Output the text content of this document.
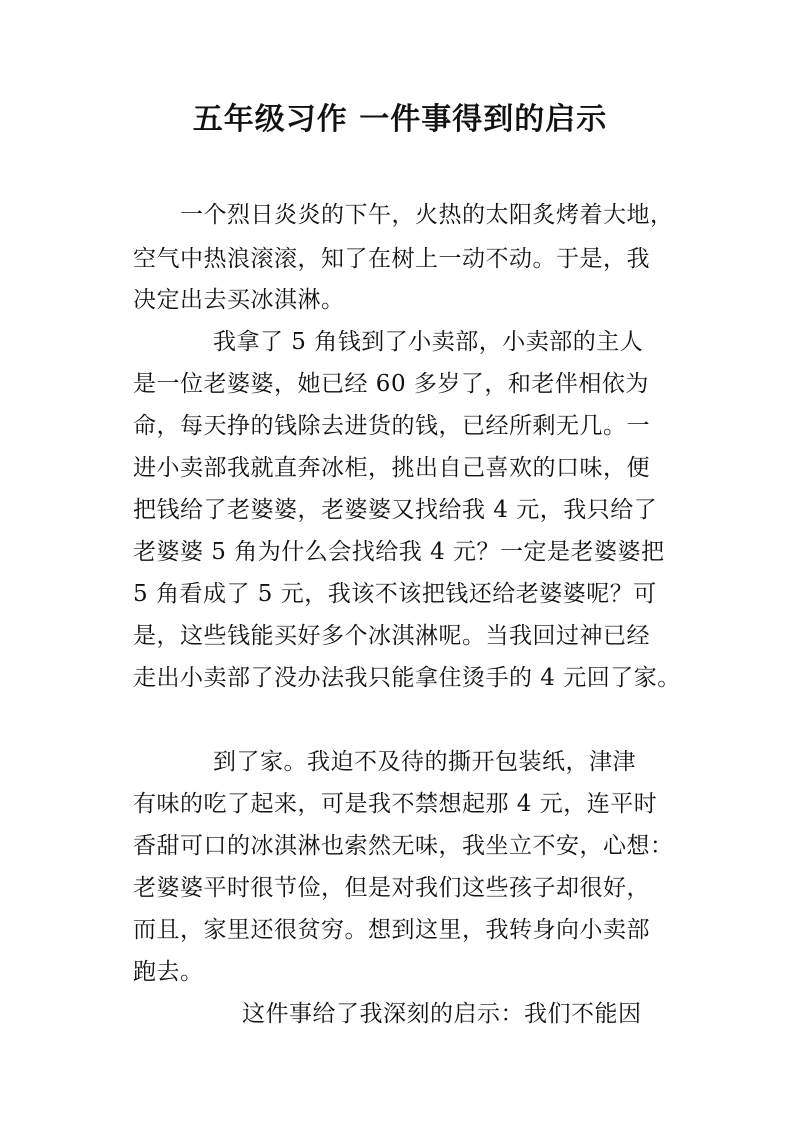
五年级习作 一件事得到的启示
一个烈日炎炎的下午，火热的太阳炙烤着大地，
空气中热浪滚滚，知了在树上一动不动。于是，我
决定出去买冰淇淋。
我拿了 5 角钱到了小卖部，小卖部的主人
是一位老婆婆，她已经 60 多岁了，和老伴相依为
命，每天挣的钱除去进货的钱，已经所剩无几。一
进小卖部我就直奔冰柜，挑出自己喜欢的口味，便
把钱给了老婆婆，老婆婆又找给我 4 元，我只给了
老婆婆 5 角为什么会找给我 4 元？一定是老婆婆把
5 角看成了 5 元，我该不该把钱还给老婆婆呢？可
是，这些钱能买好多个冰淇淋呢。当我回过神已经
走出小卖部了没办法我只能拿住烫手的 4 元回了家。
到了家。我迫不及待的撕开包装纸，津津
有味的吃了起来，可是我不禁想起那 4 元，连平时
香甜可口的冰淇淋也索然无味，我坐立不安，心想：
老婆婆平时很节俭，但是对我们这些孩子却很好，
而且，家里还很贫穷。想到这里，我转身向小卖部
跑去。
这件事给了我深刻的启示：我们不能因
